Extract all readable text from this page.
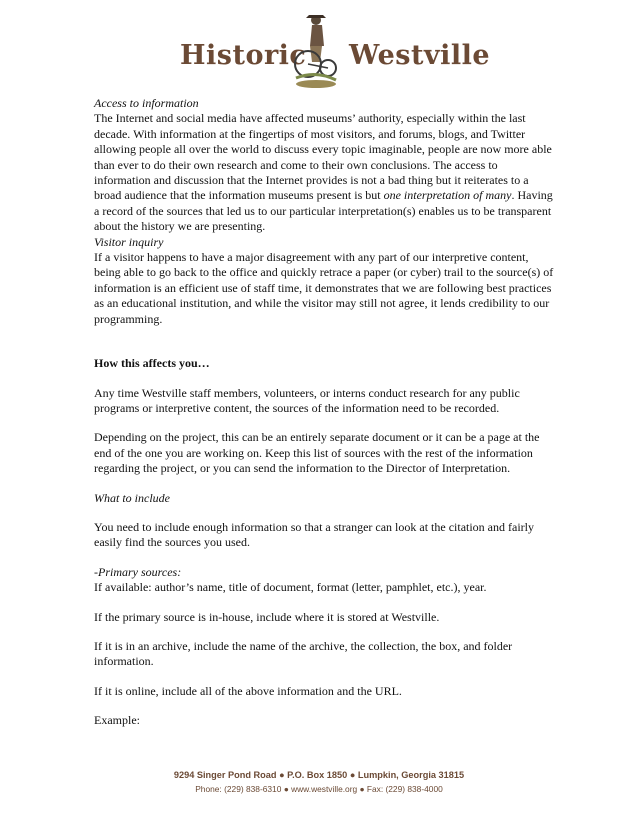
Historic Westville

Access to information

The Internet and social media have affected museums’ authority, especially within the last decade. With information at the fingertips of most visitors, and forums, blogs, and Twitter allowing people all over the world to discuss every topic imaginable, people are now more able than ever to do their own research and come to their own conclusions. The access to information and discussion that the Internet provides is not a bad thing but it reiterates to a broad audience that the information museums present is but one interpretation of many. Having a record of the sources that led us to our particular interpretation(s) enables us to be transparent about the history we are presenting.

Visitor inquiry

If a visitor happens to have a major disagreement with any part of our interpretive content, being able to go back to the office and quickly retrace a paper (or cyber) trail to the source(s) of information is an efficient use of staff time, it demonstrates that we are following best practices as an educational institution, and while the visitor may still not agree, it lends credibility to our programming.

How this affects you…

Any time Westville staff members, volunteers, or interns conduct research for any public programs or interpretive content, the sources of the information need to be recorded.

Depending on the project, this can be an entirely separate document or it can be a page at the end of the one you are working on. Keep this list of sources with the rest of the information regarding the project, or you can send the information to the Director of Interpretation.

What to include

You need to include enough information so that a stranger can look at the citation and fairly easily find the sources you used.

-Primary sources:

If available: author’s name, title of document, format (letter, pamphlet, etc.), year.

If the primary source is in-house, include where it is stored at Westville.

If it is in an archive, include the name of the archive, the collection, the box, and folder information.

If it is online, include all of the above information and the URL.

Example:

9294 Singer Pond Road ● P.O. Box 1850 ● Lumpkin, Georgia 31815
Phone: (229) 838-6310 ● www.westville.org ● Fax: (229) 838-4000
